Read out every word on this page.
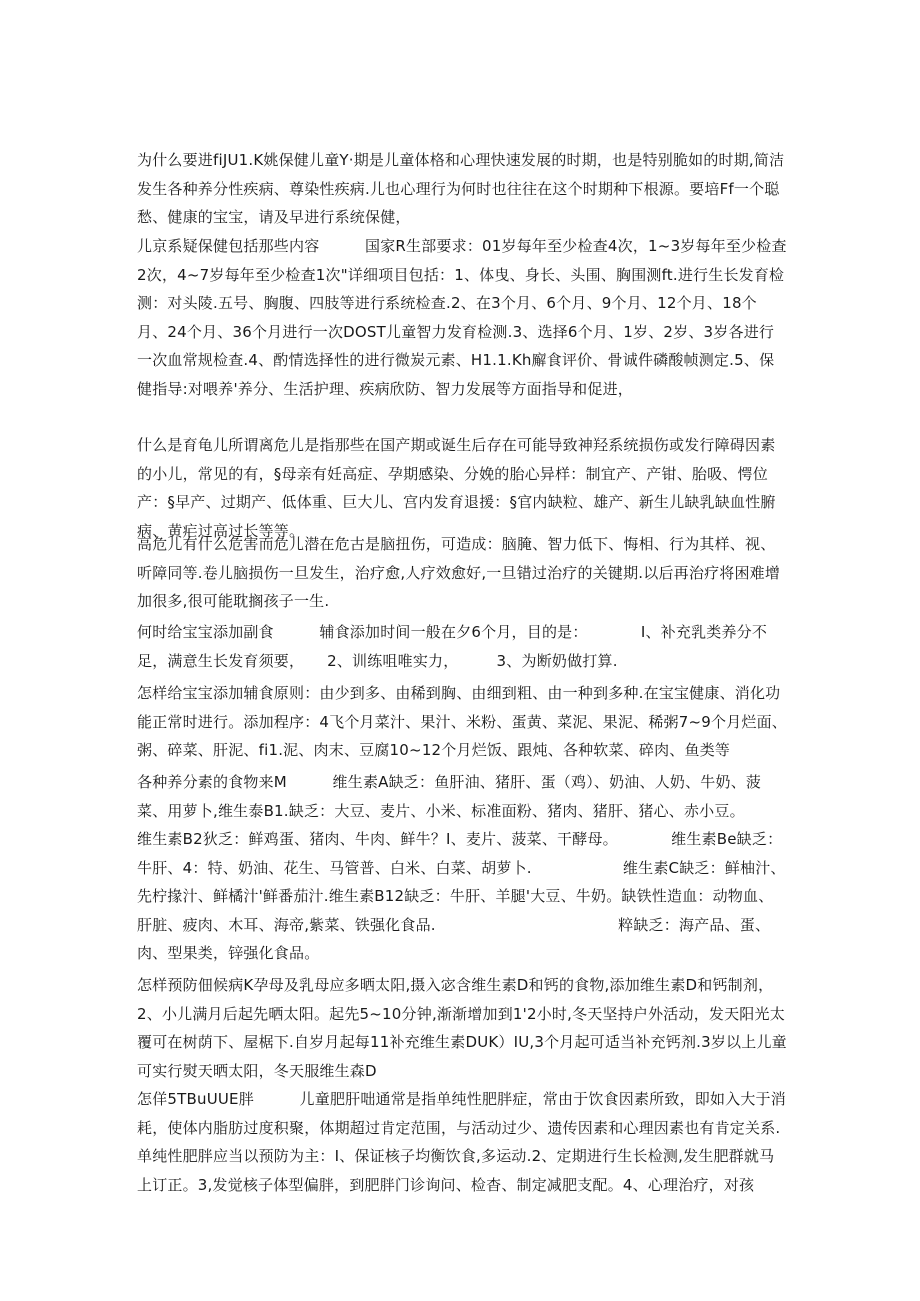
为什么要进fiJU1.K姚保健儿童Y·期是儿童体格和心理快速发展的时期，也是特别脆如的时期,简洁发生各种养分性疾病、尊染性疾病.儿也心理行为何时也往往在这个时期种下根源。要培Ff一个聪愁、健康的宝宝，请及早进行系统保健，

儿京系疑保健包括那些内容　　　国家R生部要求：01岁每年至少检查4次，1~3岁每年至少检查2次，4~7岁每年至少检查1次"详细项目包括：1、体曳、身长、头围、胸围测ft.进行生长发育检测：对头陵.五号、胸腹、四肢等进行系统检查.2、在3个月、6个月、9个月、12个月、18个月、24个月、36个月进行一次DOST儿童智力发育检测.3、选择6个月、1岁、2岁、3岁各进行一次血常规检查.4、酌情选择性的进行微炭元素、H1.1.Kh廨食评价、骨诚件磷酸帧测定.5、保健指导:对喂养'养分、生活护理、疾病欣防、智力发展等方面指导和促进，

什么是育龟儿所谓离危儿是指那些在国产期或诞生后存在可能导致神羟系统损伤或发行障碍因素的小儿，常见的有，§母亲有妊高症、孕期感染、分娩的胎心异样：制宜产、产钳、胎吸、愕位产：§早产、过期产、低体重、巨大儿、宫内发育退援：§官内缺粒、雄产、新生儿缺乳缺血性腑病、黄疟过高过长等等。

高危儿有什么危害而危儿潜在危古是脑扭伤，可造成：脑腌、智力低下、悔相、行为其样、视、听障同等.卷儿脑损伤一旦发生，治疗愈,人疗效愈好,一旦错过治疗的关键期.以后再治疗将困难增加很多,很可能耽搁孩子一生.

何时给宝宝添加副食　　　辅食添加时间一般在夕6个月，目的是：　　　　I、补充乳类养分不足，满意生长发育须要，　　2、训练咀唯实力，　　　3、为断奶做打算.

怎样给宝宝添加辅食原则：由少到多、由稀到胸、由细到粗、由一种到多种.在宝宝健康、消化功能正常时进行。添加程序：4飞个月菜汁、果汁、米粉、蛋黄、菜泥、果泥、稀粥7~9个月烂面、粥、碎菜、肝泥、fi1.泥、肉末、豆腐10~12个月烂饭、跟炖、各种软菜、碎肉、鱼类等

各种养分素的食物来M　　　维生素A缺乏：鱼肝油、猪肝、蛋（鸡）、奶油、人奶、牛奶、菠菜、用萝卜,维生泰B1.缺乏：大豆、麦片、小米、标准面粉、猪肉、猪肝、猪心、赤小豆。　　　　　　　　维生素B2狄乏：鲜鸡蛋、猪肉、牛肉、鲜牛？I、麦片、菠菜、干酵母。　　　　维生素Be缺乏：牛肝、4：特、奶油、花生、马管普、白米、白菜、胡萝卜.　　　　　　维生素C缺乏：鲜柚汁、先柠掾汁、鲜橘汁'鲜番茄汁.维生素B12缺乏：牛肝、羊腿'大豆、牛奶。缺铁性造血：动物血、肝脏、疲肉、木耳、海帝,紫菜、铁强化食品.　　　　　　　　　　　　粹缺乏：海产品、蛋、肉、型果类，锌强化食品。

怎样预防佃候病K孕母及乳母应多晒太阳,摄入宓含维生素D和钙的食物,添加维生素D和钙制剂，2、小儿满月后起先晒太阳。起先5~10分钟,渐渐增加到1'2小时,冬天坚持户外活动，发天阳光太覆可在树荫下、屋椐下.自岁月起每11补充维生素DUK）IU,3个月起可适当补充钙剂.3岁以上儿童可实行熨天晒太阳，冬天服维生森D

怎佯5TBuUUE胖　　　儿童肥肝咄通常是指单纯性肥胖症，常由于饮食因素所致，即如入大于消耗，使体内脂肪过度积聚，体期超过肯定范围，与活动过少、遗传因素和心理因素也有肯定关系.单纯性肥胖应当以预防为主：I、保证核子均衡饮食,多运动.2、定期进行生长检测,发生肥群就马上订正。3,发觉核子体型偏胖，到肥胖门诊询问、检杳、制定减肥支配。4、心理治疗，对孩
